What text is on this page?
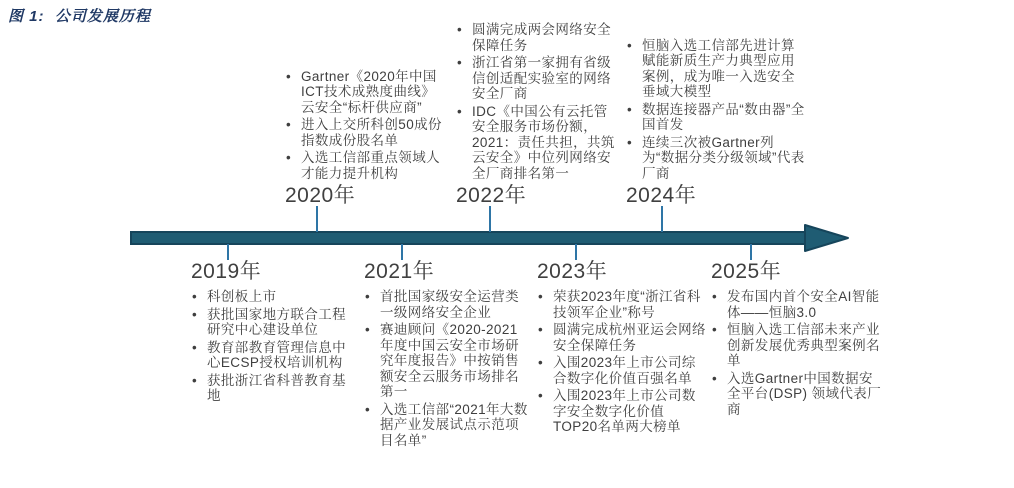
图 1:  公司发展历程
• Gartner《2020年中国ICT技术成熟度曲线》云安全“标杆供应商”
• 进入上交所科创50成份指数成份股名单
• 入选工信部重点领域人才能力提升机构
2020年
• 圆满完成两会网络安全保障任务
• 浙江省第一家拥有省级信创适配实验室的网络安全厂商
• IDC《中国公有云托管安全服务市场份额，2021：责任共担，共筑云安全》中位列网络安全厂商排名第一
2022年
• 恒脑入选工信部先进计算赋能新质生产力典型应用案例，成为唯一入选安全垂域大模型
• 数据连接器产品“数由器”全国首发
• 连续三次被Gartner列为“数据分类分级领域”代表厂商
2024年
2019年
• 科创板上市
• 获批国家地方联合工程研究中心建设单位
• 教育部教育管理信息中心ECSP授权培训机构
• 获批浙江省科普教育基地
2021年
• 首批国家级安全运营类一级网络安全企业
• 赛迪顾问《2020-2021年度中国云安全市场研究年度报告》中按销售额安全云服务市场排名第一
• 入选工信部“2021年大数据产业发展试点示范项目名单”
2023年
• 荣获2023年度“浙江省科技领军企业”称号
• 圆满完成杭州亚运会网络安全保障任务
• 入围2023年上市公司综合数字化价值百强名单
• 入围2023年上市公司数字安全数字化价值TOP20名单两大榜单
2025年
• 发布国内首个安全AI智能体——恒脑3.0
• 恒脑入选工信部未来产业创新发展优秀典型案例名单
• 入选Gartner中国数据安全平台(DSP) 领域代表厂商
